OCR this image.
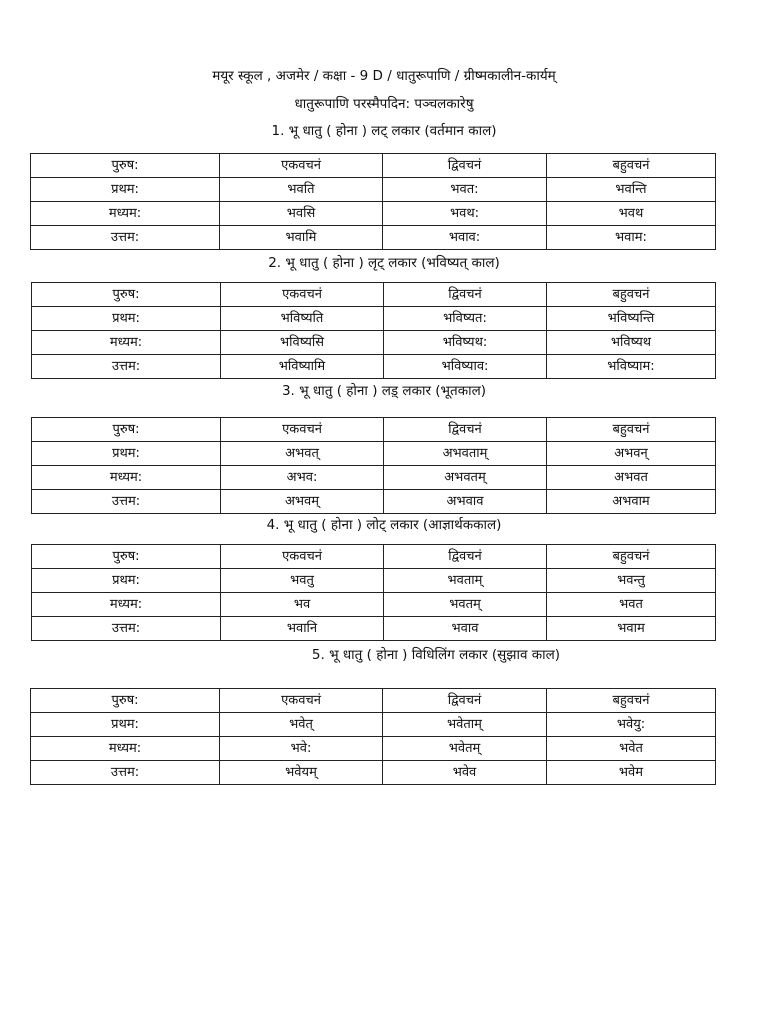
मयूर स्कूल , अजमेर / कक्षा - 9 D / धातुरूपाणि / ग्रीष्मकालीन-कार्यम्
धातुरूपाणि परस्मैपदिन: पञ्चलकारेषु
1. भू धातु ( होना ) लट् लकार (वर्तमान काल)
पुरुष:	एकवचनं	द्विवचनं	बहुवचनं
प्रथम:	भवति	भवत:	भवन्ति
मध्यम:	भवसि	भवथ:	भवथ
उत्तम:	भवामि	भवाव:	भवाम:
2. भू धातु ( होना ) लृट् लकार (भविष्यत् काल)
पुरुष:	एकवचनं	द्विवचनं	बहुवचनं
प्रथम:	भविष्यति	भविष्यत:	भविष्यन्ति
मध्यम:	भविष्यसि	भविष्यथ:	भविष्यथ
उत्तम:	भविष्यामि	भविष्याव:	भविष्याम:
3. भू धातु ( होना ) लड़् लकार (भूतकाल)
पुरुष:	एकवचनं	द्विवचनं	बहुवचनं
प्रथम:	अभवत्	अभवताम्	अभवन्
मध्यम:	अभव:	अभवतम्	अभवत
उत्तम:	अभवम्	अभवाव	अभवाम
4. भू धातु ( होना ) लोट् लकार (आज्ञार्थककाल)
पुरुष:	एकवचनं	द्विवचनं	बहुवचनं
प्रथम:	भवतु	भवताम्	भवन्तु
मध्यम:	भव	भवतम्	भवत
उत्तम:	भवानि	भवाव	भवाम
5. भू धातु ( होना ) विधिलिंग लकार (सुझाव काल)
पुरुष:	एकवचनं	द्विवचनं	बहुवचनं
प्रथम:	भवेत्	भवेताम्	भवेयु:
मध्यम:	भवे:	भवेतम्	भवेत
उत्तम:	भवेयम्	भवेव	भवेम
